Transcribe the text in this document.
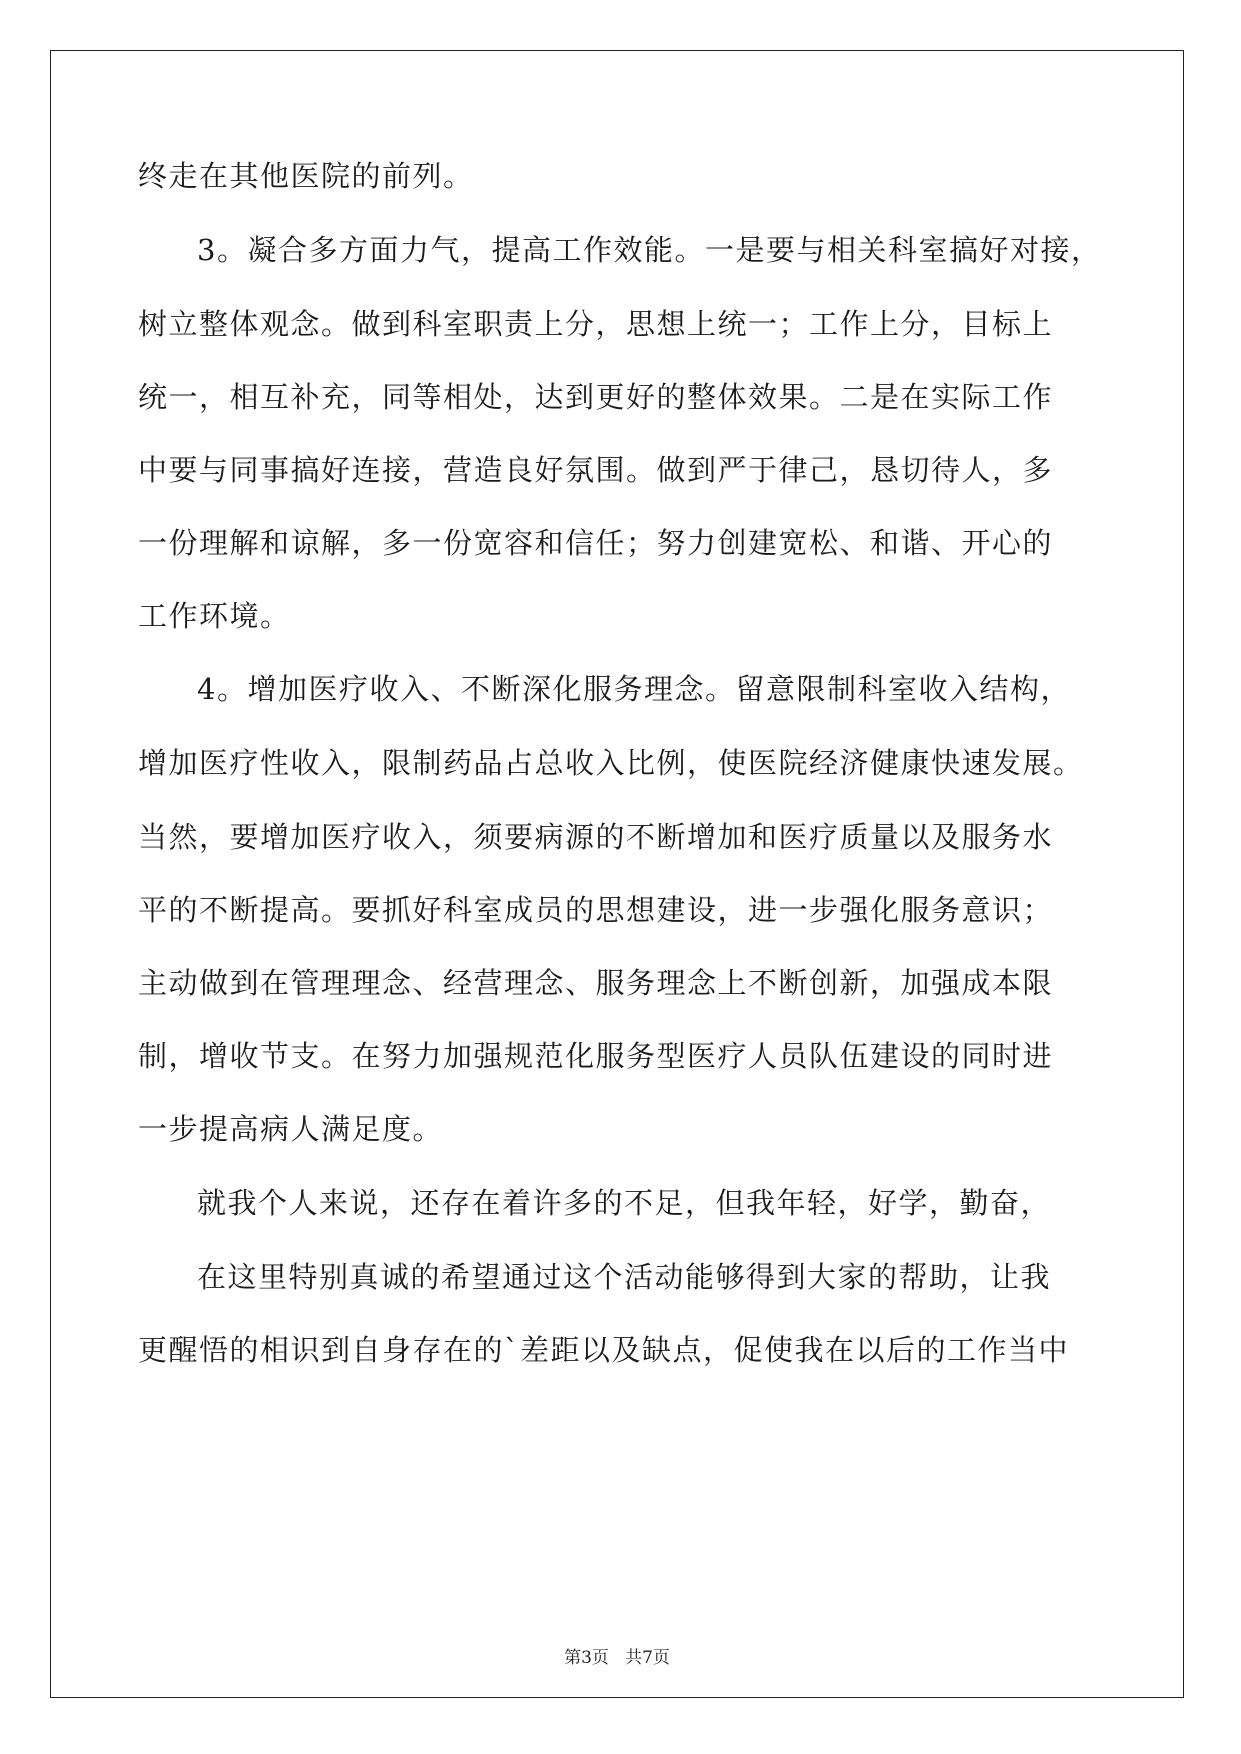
终走在其他医院的前列。
3。凝合多方面力气，提高工作效能。一是要与相关科室搞好对接，
树立整体观念。做到科室职责上分，思想上统一；工作上分，目标上
统一，相互补充，同等相处，达到更好的整体效果。二是在实际工作
中要与同事搞好连接，营造良好氛围。做到严于律己，恳切待人，多
一份理解和谅解，多一份宽容和信任；努力创建宽松、和谐、开心的
工作环境。
4。增加医疗收入、不断深化服务理念。留意限制科室收入结构，
增加医疗性收入，限制药品占总收入比例，使医院经济健康快速发展。
当然，要增加医疗收入，须要病源的不断增加和医疗质量以及服务水
平的不断提高。要抓好科室成员的思想建设，进一步强化服务意识；
主动做到在管理理念、经营理念、服务理念上不断创新，加强成本限
制，增收节支。在努力加强规范化服务型医疗人员队伍建设的同时进
一步提高病人满足度。
就我个人来说，还存在着许多的不足，但我年轻，好学，勤奋，
在这里特别真诚的希望通过这个活动能够得到大家的帮助，让我
更醒悟的相识到自身存在的`差距以及缺点，促使我在以后的工作当中
第3页   共7页
